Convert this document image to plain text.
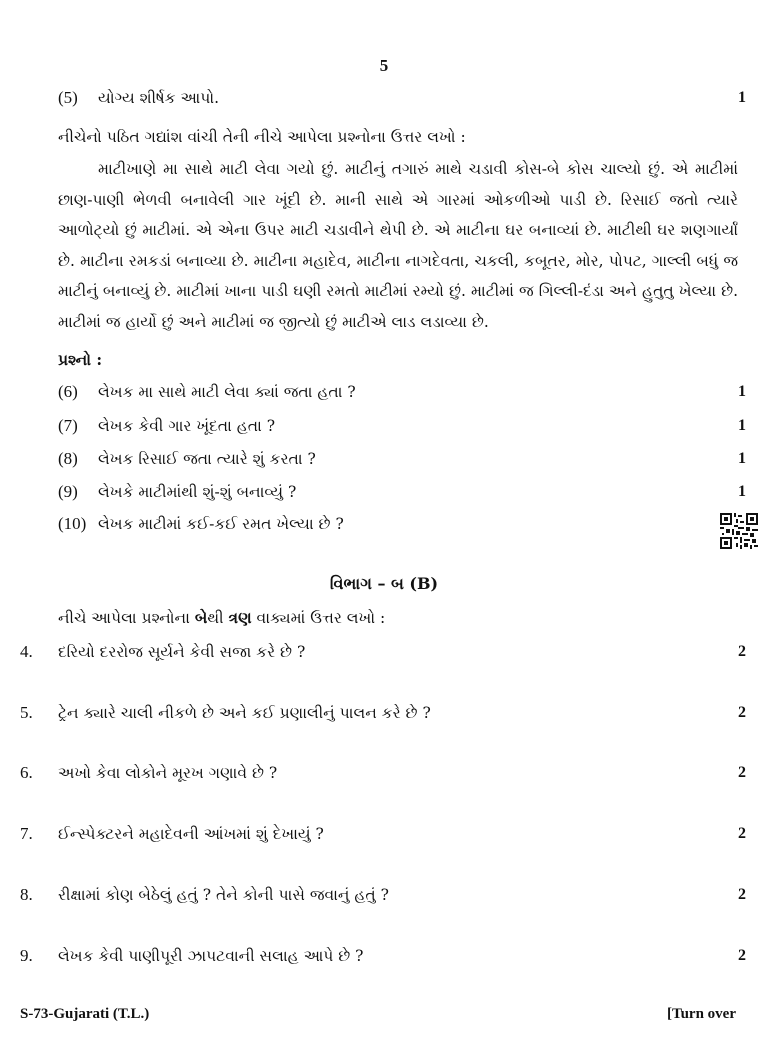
5
(5) યોગ્ય શીર્ષક આપો.	1
નીચેનો પઠિત ગદ્યાંશ વાંચી તેની નીચે આપેલા પ્રશ્નોના ઉત્તર લખો :

માટીખાણે મા સાથે માટી લેવા ગયો છું. માટીનું તગારું માથે ચડાવી કોસ-બે કોસ ચાલ્યો છું. એ માટીમાં છાણ-પાણી ભેળવી બનાવેલી ગાર ખૂંદી છે. માની સાથે એ ગારમાં ઓકળીઓ પાડી છે. રિસાઈ જતો ત્યારે આળોટ્યો છું માટીમાં. એ એના ઉપર માટી ચડાવીને થેપી છે. એ માટીના ઘર બનાવ્યાં છે. માટીથી ઘર શણગાર્યાં છે. માટીના રમકડાં બનાવ્યા છે. માટીના મહાદેવ, માટીના નાગદેવતા, ચકલી, કબૂતર, મોર, પોપટ, ગાલ્લી બધું જ માટીનું બનાવ્યું છે. માટીમાં ખાના પાડી ઘણી રમતો માટીમાં રમ્યો છું. માટીમાં જ ગિલ્લી-દંડા અને હુતુતુ ખેલ્યા છે. માટીમાં જ હાર્યો છું અને માટીમાં જ જીત્યો છું માટીએ લાડ લડાવ્યા છે.

પ્રશ્નો :
(6) લેખક મા સાથે માટી લેવા ક્યાં જતા હતા ?	1
(7) લેખક કેવી ગાર ખૂંદતા હતા ?	1
(8) લેખક રિસાઈ જતા ત્યારે શું કરતા ?	1
(9) લેખકે માટીમાંથી શું-શું બનાવ્યું ?	1
(10) લેખક માટીમાં કઈ-કઈ રમત ખેલ્યા છે ?
વિભાગ – બ (B)
નીચે આપેલા પ્રશ્નોના બેથી ત્રણ વાક્યમાં ઉત્તર લખો :
4. દરિયો દરરોજ સૂર્યને કેવી સજા કરે છે ?	2
5. ટ્રેન ક્યારે ચાલી નીકળે છે અને કઈ પ્રણાલીનું પાલન કરે છે ?	2
6. અખો કેવા લોકોને મૂરખ ગણાવે છે ?	2
7. ઈન્સ્પેક્ટરને મહાદેવની આંખમાં શું દેખાયું ?	2
8. રીક્ષામાં કોણ બેઠેલું હતું ? તેને કોની પાસે જવાનું હતું ?	2
9. લેખક કેવી પાણીપૂરી ઝાપટવાની સલાહ આપે છે ?	2
S-73-Gujarati (T.L.)	[Turn over
